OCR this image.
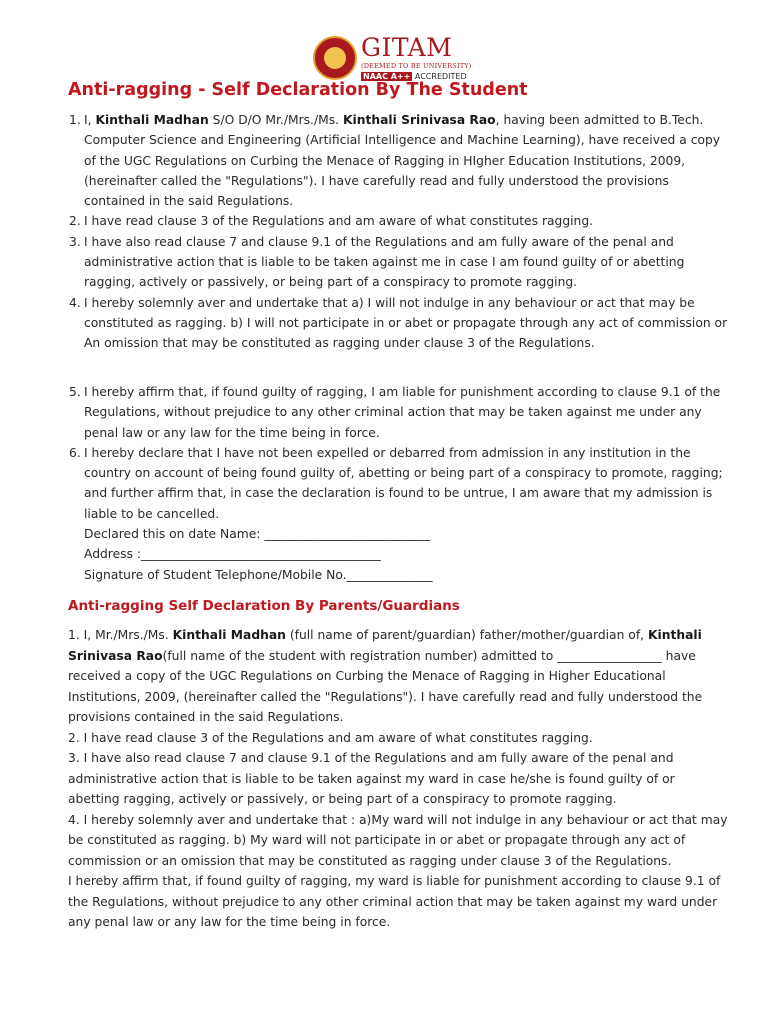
GITAM
(DEEMED TO BE UNIVERSITY)
NAAC A++ ACCREDITED
Anti-ragging - Self Declaration By The Student
1. I, Kinthali Madhan S/O D/O Mr./Mrs./Ms. Kinthali Srinivasa Rao, having been admitted to B.Tech. Computer Science and Engineering (Artificial Intelligence and Machine Learning), have received a copy of the UGC Regulations on Curbing the Menace of Ragging in HIgher Education Institutions, 2009, (hereinafter called the "Regulations"). I have carefully read and fully understood the provisions contained in the said Regulations.
2. I have read clause 3 of the Regulations and am aware of what constitutes ragging.
3. I have also read clause 7 and clause 9.1 of the Regulations and am fully aware of the penal and administrative action that is liable to be taken against me in case I am found guilty of or abetting ragging, actively or passively, or being part of a conspiracy to promote ragging.
4. I hereby solemnly aver and undertake that a) I will not indulge in any behaviour or act that may be constituted as ragging. b) I will not participate in or abet or propagate through any act of commission or
An omission that may be constituted as ragging under clause 3 of the Regulations.
5. I hereby affirm that, if found guilty of ragging, I am liable for punishment according to clause 9.1 of the Regulations, without prejudice to any other criminal action that may be taken against me under any penal law or any law for the time being in force.
6. I hereby declare that I have not been expelled or debarred from admission in any institution in the country on account of being found guilty of, abetting or being part of a conspiracy to promote, ragging; and further affirm that, in case the declaration is found to be untrue, I am aware that my admission is liable to be cancelled.
Declared this on date Name: ___________________________
Address :_______________________________________
Signature of Student Telephone/Mobile No.______________
Anti-ragging Self Declaration By Parents/Guardians
1. I, Mr./Mrs./Ms. Kinthali Madhan (full name of parent/guardian) father/mother/guardian of, Kinthali Srinivasa Rao(full name of the student with registration number) admitted to _________________ have received a copy of the UGC Regulations on Curbing the Menace of Ragging in Higher Educational Institutions, 2009, (hereinafter called the "Regulations"). I have carefully read and fully understood the provisions contained in the said Regulations.
2. I have read clause 3 of the Regulations and am aware of what constitutes ragging.
3. I have also read clause 7 and clause 9.1 of the Regulations and am fully aware of the penal and administrative action that is liable to be taken against my ward in case he/she is found guilty of or abetting ragging, actively or passively, or being part of a conspiracy to promote ragging.
4. I hereby solemnly aver and undertake that : a)My ward will not indulge in any behaviour or act that may be constituted as ragging. b) My ward will not participate in or abet or propagate through any act of commission or an omission that may be constituted as ragging under clause 3 of the Regulations.
I hereby affirm that, if found guilty of ragging, my ward is liable for punishment according to clause 9.1 of the Regulations, without prejudice to any other criminal action that may be taken against my ward under any penal law or any law for the time being in force.
